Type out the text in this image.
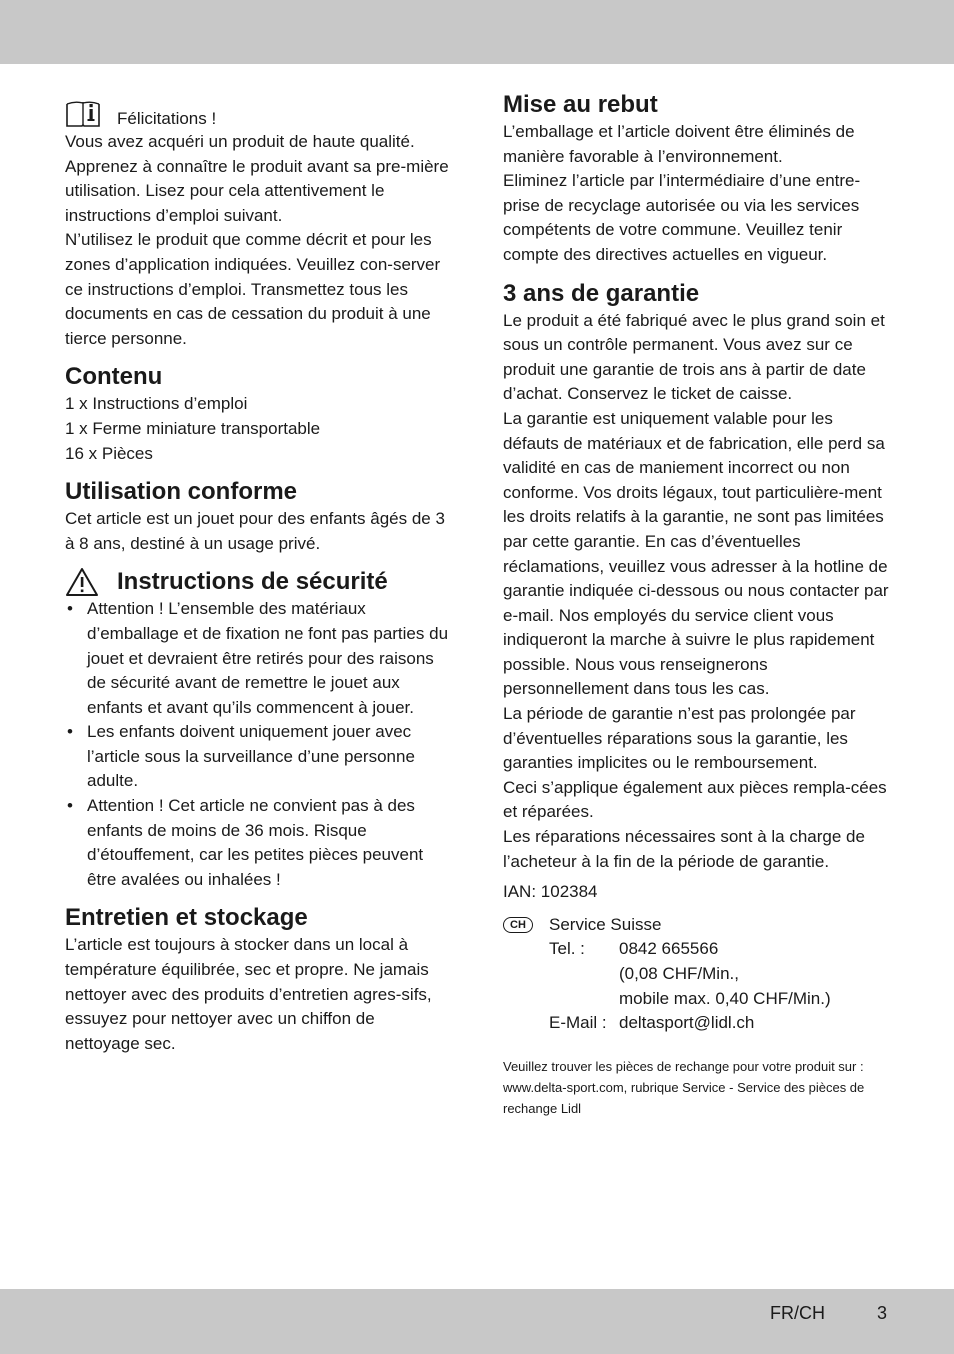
Félicitations !

Vous avez acquéri un produit de haute qualité. Apprenez à connaître le produit avant sa pre-mière utilisation. Lisez pour cela attentivement le instructions d’emploi suivant.

N’utilisez le produit que comme décrit et pour les zones d’application indiquées. Veuillez con-server ce instructions d’emploi. Transmettez tous les documents en cas de cessation du produit à une tierce personne.

Contenu

1 x Instructions d’emploi

1 x Ferme miniature transportable

16 x Pièces

Utilisation conforme

Cet article est un jouet pour des enfants âgés de 3 à 8 ans, destiné à un usage privé.

Instructions de sécurité
• Attention ! L’ensemble des matériaux d’emballage et de fixation ne font pas parties du jouet et devraient être retirés pour des raisons de sécurité avant de remettre le jouet aux enfants et avant qu’ils commencent à jouer.
• Les enfants doivent uniquement jouer avec l’article sous la surveillance d’une personne adulte.
• Attention ! Cet article ne convient pas à des enfants de moins de 36 mois. Risque d’étouffement, car les petites pièces peuvent être avalées ou inhalées !
Entretien et stockage

L’article est toujours à stocker dans un local à température équilibrée, sec et propre. Ne jamais nettoyer avec des produits d’entretien agres-sifs, essuyez pour nettoyer avec un chiffon de nettoyage sec.

Mise au rebut

L’emballage et l’article doivent être éliminés de manière favorable à l’environnement.

Eliminez l’article par l’intermédiaire d’une entre-prise de recyclage autorisée ou via les services compétents de votre commune. Veuillez tenir compte des directives actuelles en vigueur.

3 ans de garantie

Le produit a été fabriqué avec le plus grand soin et sous un contrôle permanent. Vous avez sur ce produit une garantie de trois ans à partir de date d’achat. Conservez le ticket de caisse.

La garantie est uniquement valable pour les défauts de matériaux et de fabrication, elle perd sa validité en cas de maniement incorrect ou non conforme. Vos droits légaux, tout particulière-ment les droits relatifs à la garantie, ne sont pas limitées par cette garantie. En cas d’éventuelles réclamations, veuillez vous adresser à la hotline de garantie indiquée ci-dessous ou nous contacter par e-mail. Nos employés du service client vous indiqueront la marche à suivre le plus rapidement possible. Nous vous renseignerons personnellement dans tous les cas.

La période de garantie n’est pas prolongée par d’éventuelles réparations sous la garantie, les garanties implicites ou le remboursement.

Ceci s’applique également aux pièces rempla-cées et réparées.

Les réparations nécessaires sont à la charge de l’acheteur à la fin de la période de garantie.

IAN: 102384

CH	Service Suisse

Tel. :	0842 665566

(0,08 CHF/Min.,

mobile max. 0,40 CHF/Min.)

E-Mail : deltasport@lidl.ch

Veuillez trouver les pièces de rechange pour votre produit sur : www.delta-sport.com, rubrique Service - Service des pièces de rechange Lidl

FR/CH	3
